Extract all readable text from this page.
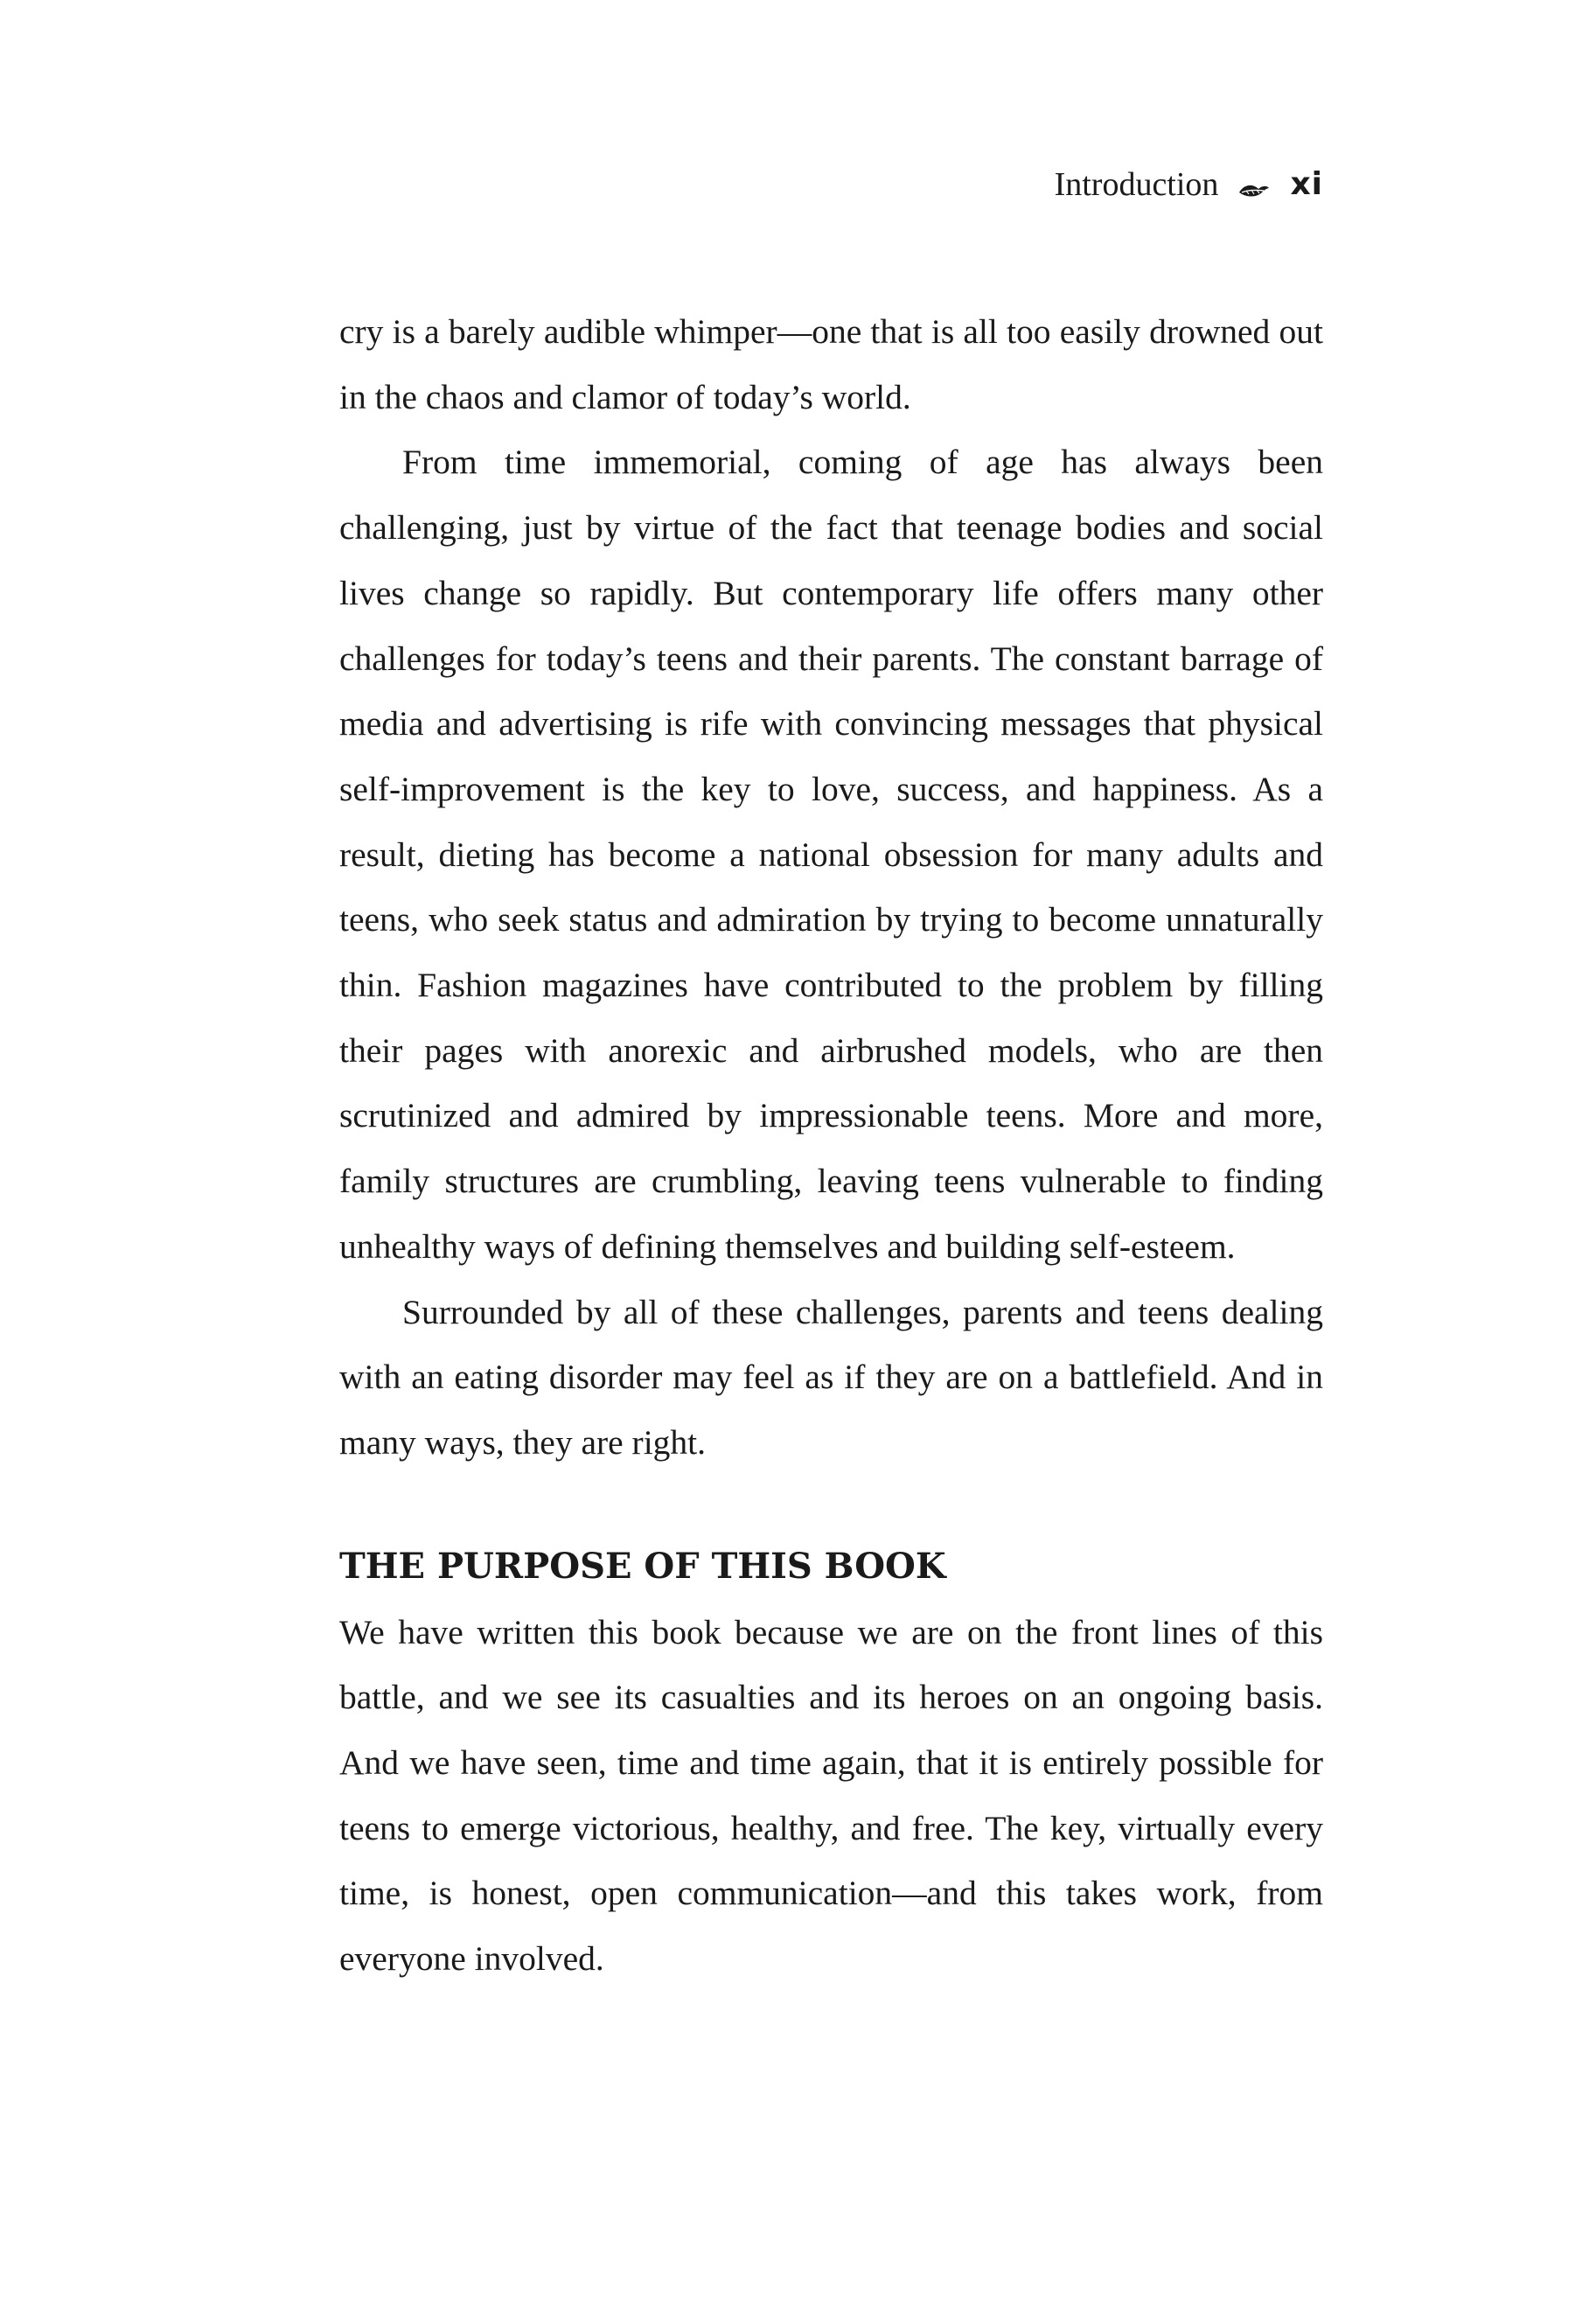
Introduction xi

cry is a barely audible whimper—one that is all too easily drowned out in the chaos and clamor of today’s world.

From time immemorial, coming of age has always been challenging, just by virtue of the fact that teenage bodies and social lives change so rapidly. But contemporary life offers many other challenges for today’s teens and their parents. The constant barrage of media and advertising is rife with convincing messages that physical self-improvement is the key to love, success, and happiness. As a result, dieting has become a national obsession for many adults and teens, who seek status and admiration by trying to become unnaturally thin. Fashion magazines have contributed to the problem by filling their pages with anorexic and airbrushed models, who are then scrutinized and admired by impressionable teens. More and more, family structures are crumbling, leaving teens vulnerable to finding unhealthy ways of defining themselves and building self-esteem.

Surrounded by all of these challenges, parents and teens dealing with an eating disorder may feel as if they are on a battlefield. And in many ways, they are right.

THE PURPOSE OF THIS BOOK

We have written this book because we are on the front lines of this battle, and we see its casualties and its heroes on an ongoing basis. And we have seen, time and time again, that it is entirely possible for teens to emerge victorious, healthy, and free. The key, virtually every time, is honest, open communication—and this takes work, from everyone involved.
